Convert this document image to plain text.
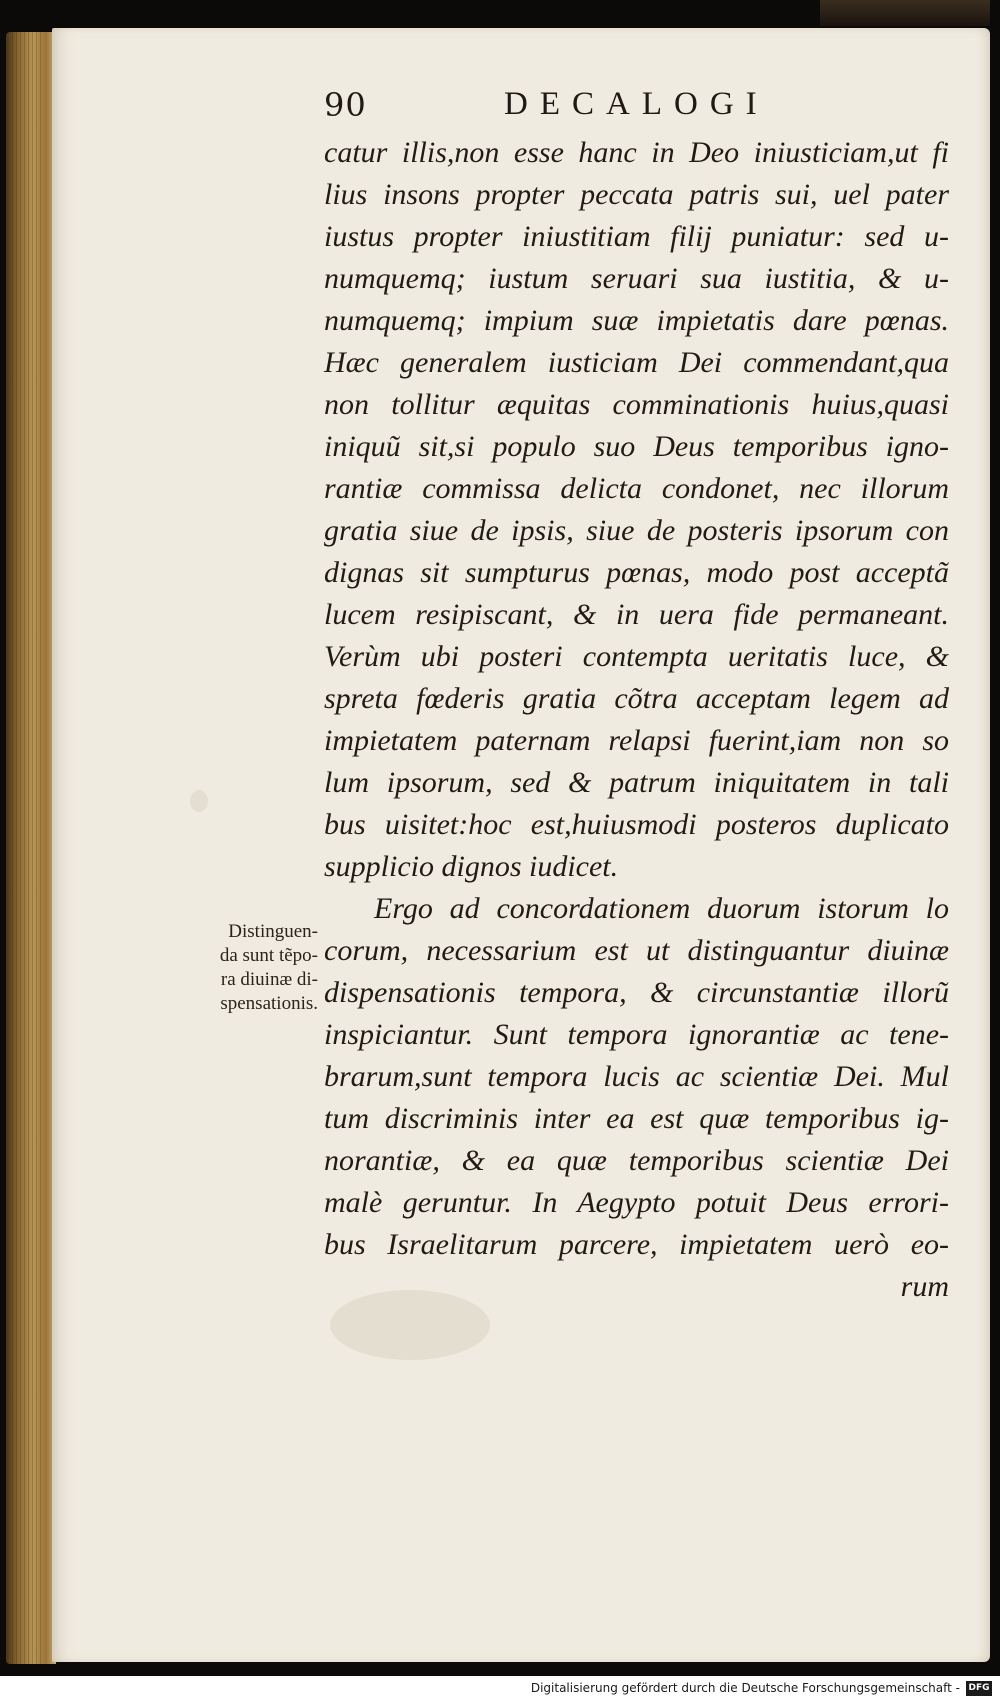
90	DECALOGI
catur illis,non esse hanc in Deo iniusticiam,ut fi
lius insons propter peccata patris sui, uel pater
iustus propter iniustitiam filij puniatur: sed u-
numquemq; iustum seruari sua iustitia, & u-
numquemq; impium suæ impietatis dare pœnas.
Hæc generalem iusticiam Dei commendant,qua
non tollitur æquitas comminationis huius,quasi
iniquũ sit,si populo suo Deus temporibus igno-
rantiæ commissa delicta condonet, nec illorum
gratia siue de ipsis, siue de posteris ipsorum con
dignas sit sumpturus pœnas, modo post acceptã
lucem resipiscant, & in uera fide permaneant.
Verùm ubi posteri contempta ueritatis luce, &
spreta fœderis gratia cõtra acceptam legem ad
impietatem paternam relapsi fuerint,iam non so
lum ipsorum, sed & patrum iniquitatem in tali
bus uisitet:hoc est,huiusmodi posteros duplicato
supplicio dignos iudicet.
Ergo ad concordationem duorum istorum lo
corum, necessarium est ut distinguantur diuinæ
dispensationis tempora, & circunstantiæ illorũ
inspiciantur. Sunt tempora ignorantiæ ac tene-
brarum,sunt tempora lucis ac scientiæ Dei. Mul
tum discriminis inter ea est quæ temporibus ig-
norantiæ, & ea quæ temporibus scientiæ Dei
malè geruntur. In Aegypto potuit Deus errori-
bus Israelitarum parcere, impietatem uerò eo-
rum
Distinguen-
da sunt tẽpo-
ra diuinæ di-
spensationis.
Digitalisierung gefördert durch die Deutsche Forschungsgemeinschaft - DFG
